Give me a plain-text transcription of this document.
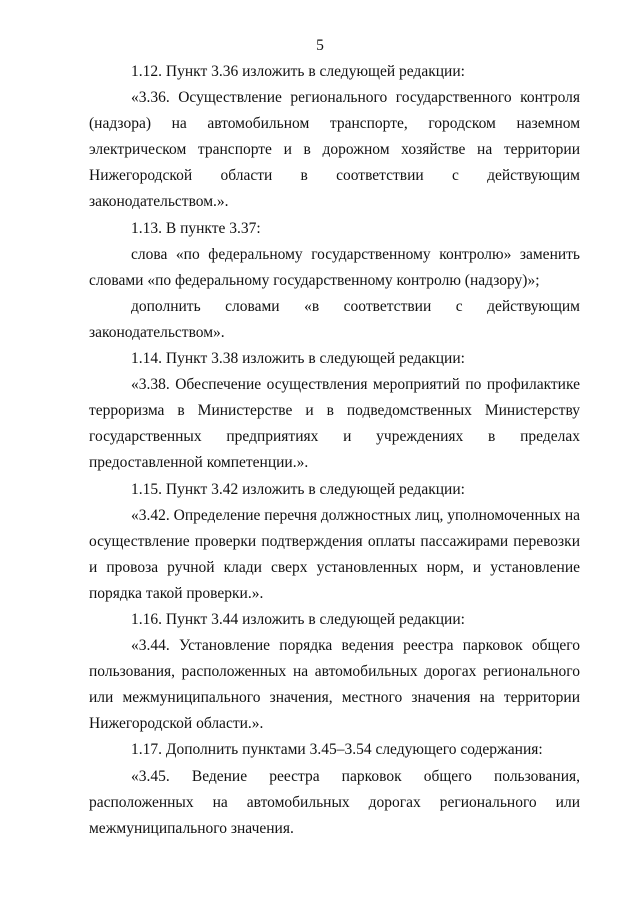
5

1.12. Пункт 3.36 изложить в следующей редакции:

«3.36. Осуществление регионального государственного контроля (надзора) на автомобильном транспорте, городском наземном электрическом транспорте и в дорожном хозяйстве на территории Нижегородской области в соответствии с действующим законодательством.».

1.13. В пункте 3.37:

слова «по федеральному государственному контролю» заменить словами «по федеральному государственному контролю (надзору)»;

дополнить словами «в соответствии с действующим законодательством».

1.14. Пункт 3.38 изложить в следующей редакции:

«3.38. Обеспечение осуществления мероприятий по профилактике терроризма в Министерстве и в подведомственных Министерству государственных предприятиях и учреждениях в пределах предоставленной компетенции.».

1.15. Пункт 3.42 изложить в следующей редакции:

«3.42. Определение перечня должностных лиц, уполномоченных на осуществление проверки подтверждения оплаты пассажирами перевозки и провоза ручной клади сверх установленных норм, и установление порядка такой проверки.».

1.16. Пункт 3.44 изложить в следующей редакции:

«3.44. Установление порядка ведения реестра парковок общего пользования, расположенных на автомобильных дорогах регионального или межмуниципального значения, местного значения на территории Нижегородской области.».

1.17. Дополнить пунктами 3.45–3.54 следующего содержания:

«3.45. Ведение реестра парковок общего пользования, расположенных на автомобильных дорогах регионального или межмуниципального значения.
